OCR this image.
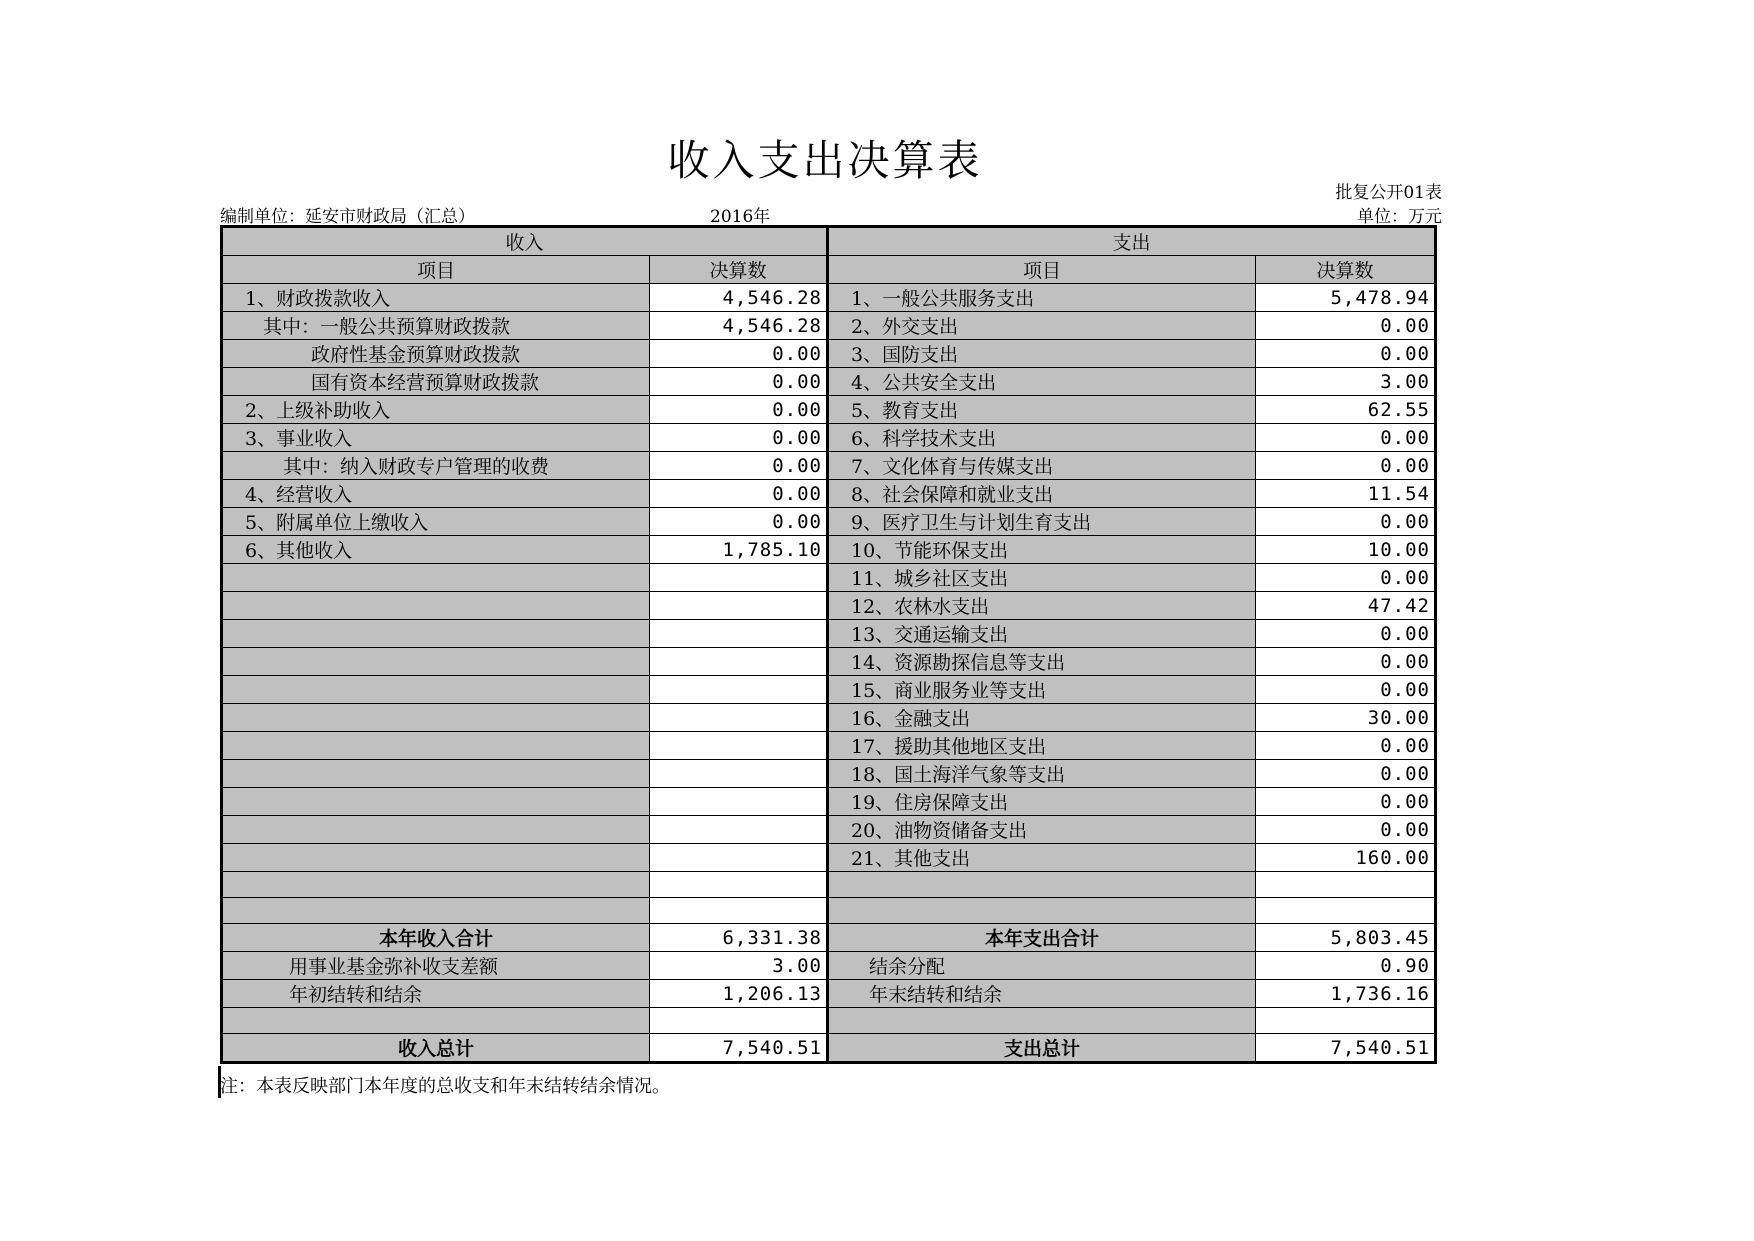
收入支出决算表
批复公开01表
编制单位：延安市财政局（汇总）	2016年	单位：万元
收入		支出	
项目	决算数	项目	决算数
1、财政拨款收入	4,546.28	1、一般公共服务支出	5,478.94
其中：一般公共预算财政拨款	4,546.28	2、外交支出	0.00
政府性基金预算财政拨款	0.00	3、国防支出	0.00
国有资本经营预算财政拨款	0.00	4、公共安全支出	3.00
2、上级补助收入	0.00	5、教育支出	62.55
3、事业收入	0.00	6、科学技术支出	0.00
其中：纳入财政专户管理的收费	0.00	7、文化体育与传媒支出	0.00
4、经营收入	0.00	8、社会保障和就业支出	11.54
5、附属单位上缴收入	0.00	9、医疗卫生与计划生育支出	0.00
6、其他收入	1,785.10	10、节能环保支出	10.00
		11、城乡社区支出	0.00
		12、农林水支出	47.42
		13、交通运输支出	0.00
		14、资源勘探信息等支出	0.00
		15、商业服务业等支出	0.00
		16、金融支出	30.00
		17、援助其他地区支出	0.00
		18、国土海洋气象等支出	0.00
		19、住房保障支出	0.00
		20、油物资储备支出	0.00
		21、其他支出	160.00

本年收入合计	6,331.38	本年支出合计	5,803.45
用事业基金弥补收支差额	3.00	结余分配	0.90
年初结转和结余	1,206.13	年末结转和结余	1,736.16

收入总计	7,540.51	支出总计	7,540.51
注：本表反映部门本年度的总收支和年末结转结余情况。
